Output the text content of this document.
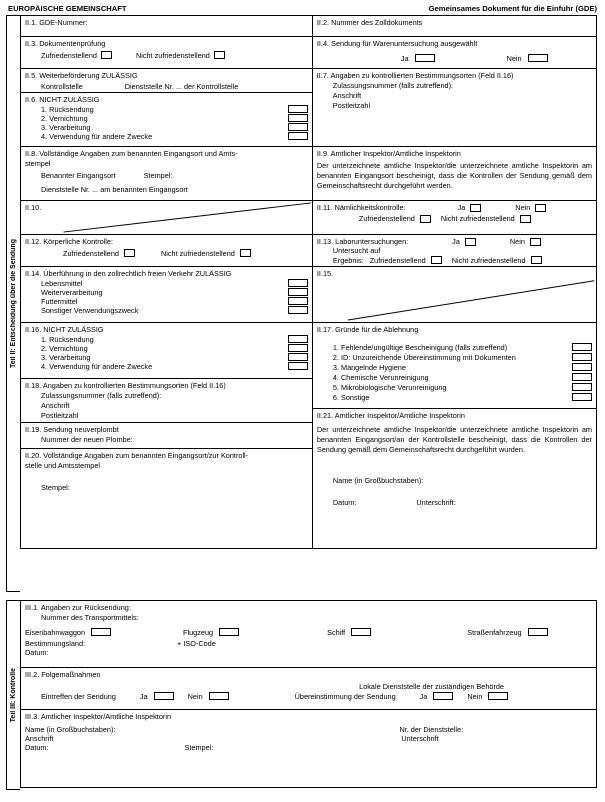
EUROPÄISCHE GEMEINSCHAFT	Gemeinsames Dokument für die Einfuhr (GDE)
Teil II: Entscheidung über die Sendung
II.1. GDE-Nummer:	II.2. Nummer des Zolldokuments
II.3. Dokumentenprüfung
Zufriedenstellend	Nicht zufriedenstellend
II.4. Sendung für Warenuntersuchung ausgewählt
Ja	Nein
II.5. Weiterbeförderung ZULÄSSIG
Kontrollstelle	Dienststelle Nr. ... der Kontrollstelle
II.6. NICHT ZULÄSSIG
1. Rücksendung
2. Vernichtung
3. Verarbeitung
4. Verwendung für andere Zwecke
II.7. Angaben zu kontrollierten Bestimmungsorten (Feld II.16)
Zulassungsnummer (falls zutreffend):
Anschrift
Postleitzahl
II.8. Vollständige Angaben zum benannten Eingangsort und Amts-
stempel
Benannter Eingangsort	Stempel:
Dienststelle Nr. ... am benannten Eingangsort
II.9. Amtlicher Inspektor/Amtliche Inspektorin
Der unterzeichnete amtliche Inspektor/die unterzeichnete amtliche Inspektorin am benannten Eingangsort bescheinigt, dass die Kontrollen der Sendung gemäß dem Gemeinschaftsrecht durchgeführt werden.
II.10.	II.11. Nämlichkeitskontrolle:	Ja	Nein
Zufriedenstellend	Nicht zufriedenstellend
II.12. Körperliche Kontrolle:
Zufriedenstellend	Nicht zufriedenstellend
II.13. Laboruntersuchungen:	Ja	Nein
Untersucht auf
Ergebnis: Zufriedenstellend	Nicht zufriedenstellend
II.14. Überführung in den zollrechtlich freien Verkehr ZULÄSSIG
Lebensmittel
Weiterverarbeitung
Futtermittel
Sonstiger Verwendungszweck
II.15.
II.16. NICHT ZULÄSSIG
1. Rücksendung
2. Vernichtung
3. Verarbeitung
4. Verwendung für andere Zwecke
II.18. Angaben zu kontrollierten Bestimmungsorten (Feld II.16)
Zulassungsnummer (falls zutreffend):
Anschrift
Postleitzahl
II.19. Sendung neuverplombt
Nummer der neuen Plombe:
II.20. Vollständige Angaben zum benannten Eingangsort/zur Kontroll-
stelle und Amtsstempel
Stempel:
II.17. Gründe für die Ablehnung
1. Fehlende/ungültige Bescheinigung (falls zutreffend)
2. ID: Unzureichende Übereinstimmung mit Dokumenten
3. Mangelnde Hygiene
4. Chemische Verunreinigung
5. Mikrobiologische Verunreinigung
6. Sonstige
II.21. Amtlicher Inspektor/Amtliche Inspektorin
Der unterzeichnete amtliche Inspektor/die unterzeichnete amtliche Inspektorin am benannten Eingangsort/an der Kontrollstelle bescheinigt, dass die Kontrollen der Sendung gemäß dem Gemeinschaftsrecht durchgeführt wurden.
Name (in Großbuchstaben):
Datum:	Unterschrift:
Teil III: Kontrolle
III.1. Angaben zur Rücksendung:
Nummer des Transportmittels:
Eisenbahnwaggon	Flugzeug	Schiff	Straßenfahrzeug
Bestimmungsland:	+ ISO-Code
Datum:
III.2. Folgemaßnahmen
Lokale Dienststelle der zuständigen Behörde
Eintreffen der Sendung	Ja	Nein	Übereinstimmung der Sendung	Ja	Nein
III.3. Amtlicher Inspektor/Amtliche Inspektorin
Name (in Großbuchstaben):	Nr. der Dienststelle:
Anschrift	Unterschrift
Datum:	Stempel:
